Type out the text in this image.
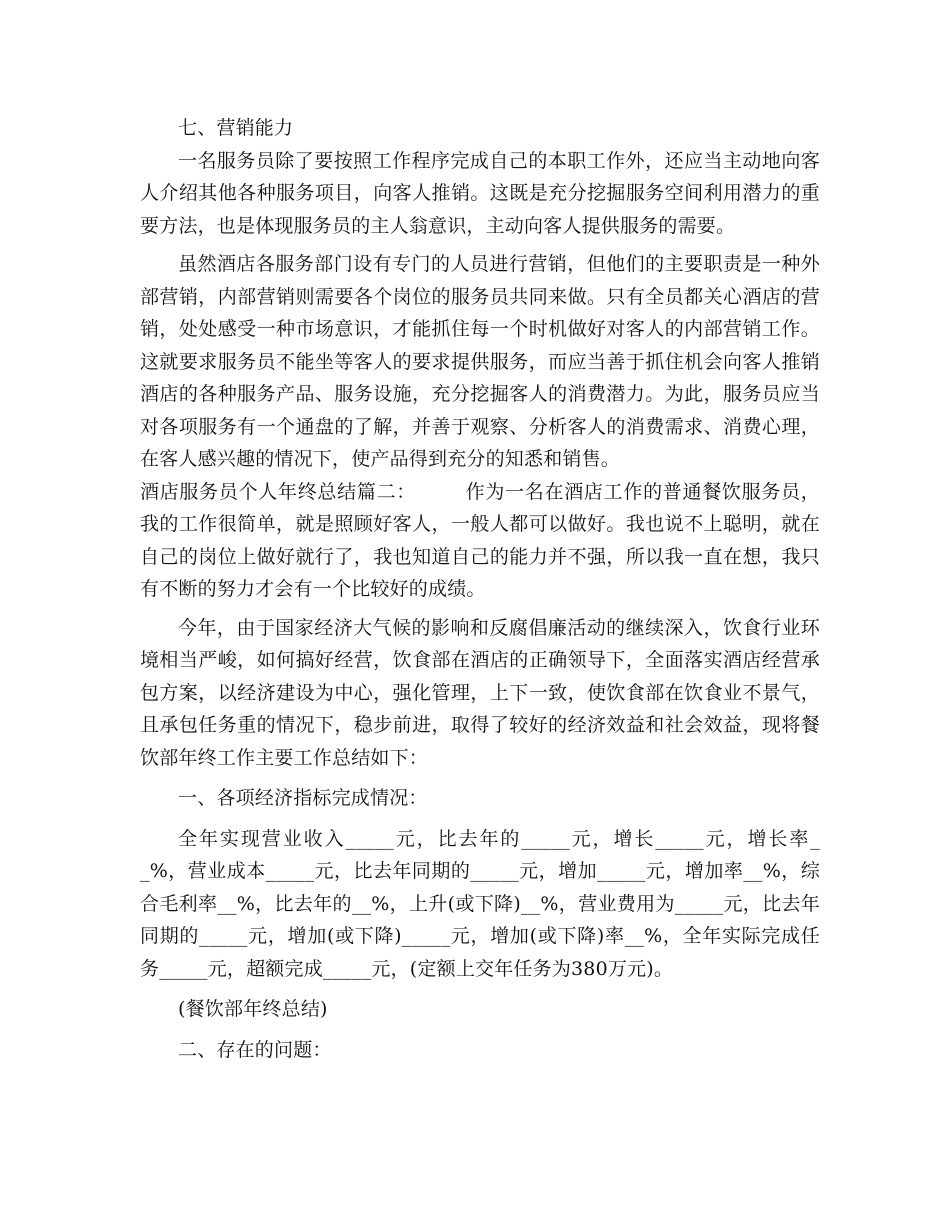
七、营销能力

一名服务员除了要按照工作程序完成自己的本职工作外，还应当主动地向客人介绍其他各种服务项目，向客人推销。这既是充分挖掘服务空间利用潜力的重要方法，也是体现服务员的主人翁意识，主动向客人提供服务的需要。

虽然酒店各服务部门设有专门的人员进行营销，但他们的主要职责是一种外部营销，内部营销则需要各个岗位的服务员共同来做。只有全员都关心酒店的营销，处处感受一种市场意识，才能抓住每一个时机做好对客人的内部营销工作。这就要求服务员不能坐等客人的要求提供服务，而应当善于抓住机会向客人推销酒店的各种服务产品、服务设施，充分挖掘客人的消费潜力。为此，服务员应当对各项服务有一个通盘的了解，并善于观察、分析客人的消费需求、消费心理，在客人感兴趣的情况下，使产品得到充分的知悉和销售。

酒店服务员个人年终总结篇二：　　　作为一名在酒店工作的普通餐饮服务员，我的工作很简单，就是照顾好客人，一般人都可以做好。我也说不上聪明，就在自己的岗位上做好就行了，我也知道自己的能力并不强，所以我一直在想，我只有不断的努力才会有一个比较好的成绩。

今年，由于国家经济大气候的影响和反腐倡廉活动的继续深入，饮食行业环境相当严峻，如何搞好经营，饮食部在酒店的正确领导下，全面落实酒店经营承包方案，以经济建设为中心，强化管理，上下一致，使饮食部在饮食业不景气，且承包任务重的情况下，稳步前进，取得了较好的经济效益和社会效益，现将餐饮部年终工作主要工作总结如下：

一、各项经济指标完成情况：

全年实现营业收入_____元，比去年的_____元，增长_____元，增长率__%，营业成本_____元，比去年同期的_____元，增加_____元，增加率__%，综合毛利率__%，比去年的__%，上升(或下降)__%，营业费用为_____元，比去年同期的_____元，增加(或下降)_____元，增加(或下降)率__%，全年实际完成任务_____元，超额完成_____元，(定额上交年任务为380万元)。

(餐饮部年终总结)

二、存在的问题：
